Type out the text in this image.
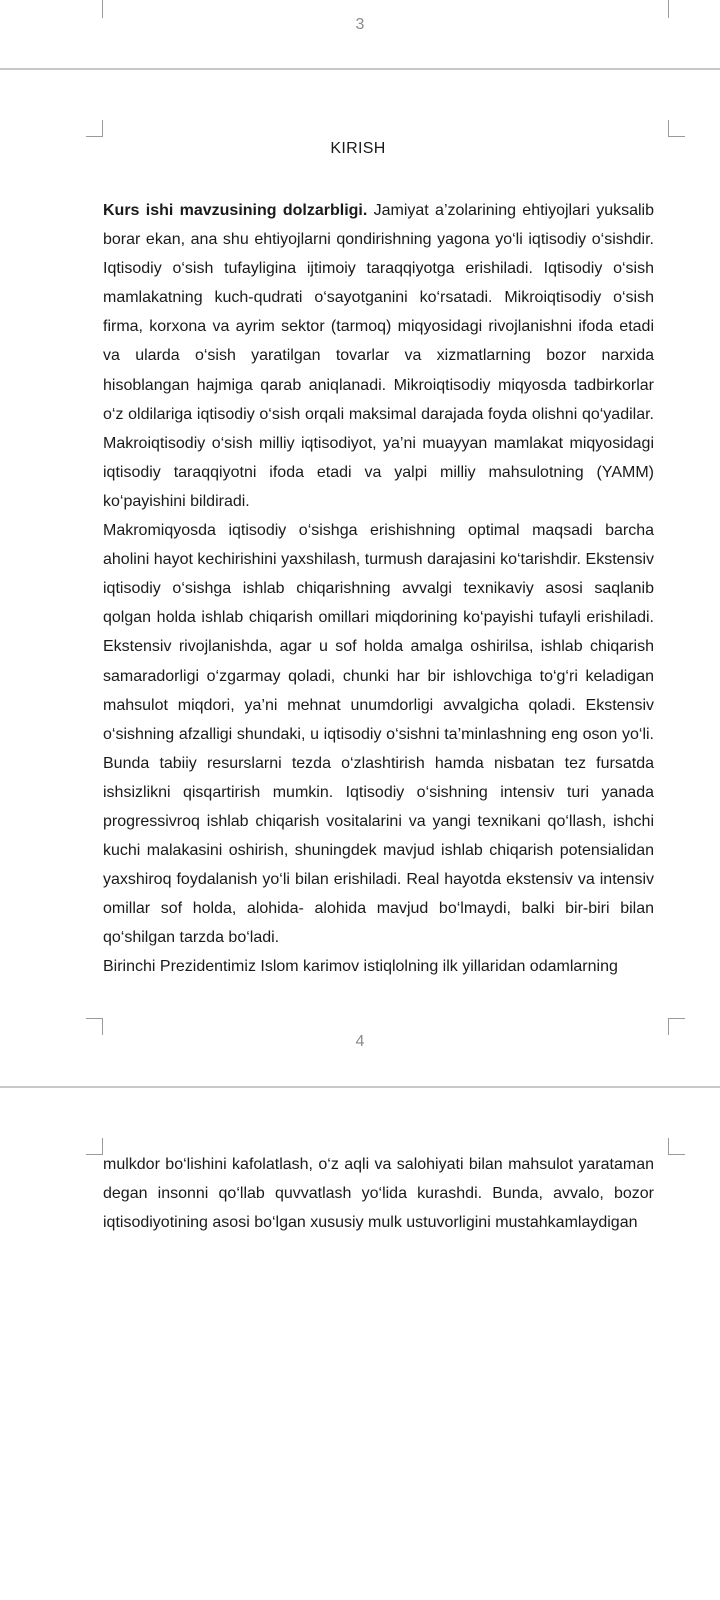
3
KIRISH

Kurs ishi mavzusining dolzarbligi. Jamiyat a’zolarining ehtiyojlari yuksalib borar ekan, ana shu ehtiyojlarni qondirishning yagona yo‘li iqtisodiy o‘sishdir. Iqtisodiy o‘sish tufayligina ijtimoiy taraqqiyotga erishiladi. Iqtisodiy o‘sish mamlakatning kuch-qudrati o‘sayotganini ko‘rsatadi. Mikroiqtisodiy o‘sish firma, korxona va ayrim sektor (tarmoq) miqyosidagi rivojlanishni ifoda etadi va ularda o‘sish yaratilgan tovarlar va xizmatlarning bozor narxida hisoblangan hajmiga qarab aniqlanadi. Mikroiqtisodiy miqyosda tadbirkorlar o‘z oldilariga iqtisodiy o‘sish orqali maksimal darajada foyda olishni qo‘yadilar. Makroiqtisodiy o‘sish milliy iqtisodiyot, ya’ni muayyan mamlakat miqyosidagi iqtisodiy taraqqiyotni ifoda etadi va yalpi milliy mahsulotning (YAMM) ko‘payishini bildiradi.

Makromiqyosda iqtisodiy o‘sishga erishishning optimal maqsadi barcha aholini hayot kechirishini yaxshilash, turmush darajasini ko‘tarishdir. Ekstensiv iqtisodiy o‘sishga ishlab chiqarishning avvalgi texnikaviy asosi saqlanib qolgan holda ishlab chiqarish omillari miqdorining ko‘payishi tufayli erishiladi. Ekstensiv rivojlanishda, agar u sof holda amalga oshirilsa, ishlab chiqarish samaradorligi o‘zgarmay qoladi, chunki har bir ishlovchiga to‘g‘ri keladigan mahsulot miqdori, ya’ni mehnat unumdorligi avvalgicha qoladi. Ekstensiv o‘sishning afzalligi shundaki, u iqtisodiy o‘sishni ta’minlashning eng oson yo‘li. Bunda tabiiy resurslarni tezda o‘zlashtirish hamda nisbatan tez fursatda ishsizlikni qisqartirish mumkin. Iqtisodiy o‘sishning intensiv turi yanada progressivroq ishlab chiqarish vositalarini va yangi texnikani qo‘llash, ishchi kuchi malakasini oshirish, shuningdek mavjud ishlab chiqarish potensialidan yaxshiroq foydalanish yo‘li bilan erishiladi. Real hayotda ekstensiv va intensiv omillar sof holda, alohida- alohida mavjud bo‘lmaydi, balki bir-biri bilan qo‘shilgan tarzda bo‘ladi.

Birinchi Prezidentimiz Islom karimov istiqlolning ilk yillaridan odamlarning

4

mulkdor bo‘lishini kafolatlash, o‘z aqli va salohiyati bilan mahsulot yarataman degan insonni qo‘llab quvvatlash yo‘lida kurashdi. Bunda, avvalo, bozor iqtisodiyotining asosi bo‘lgan xususiy mulk ustuvorligini mustahkamlaydigan
